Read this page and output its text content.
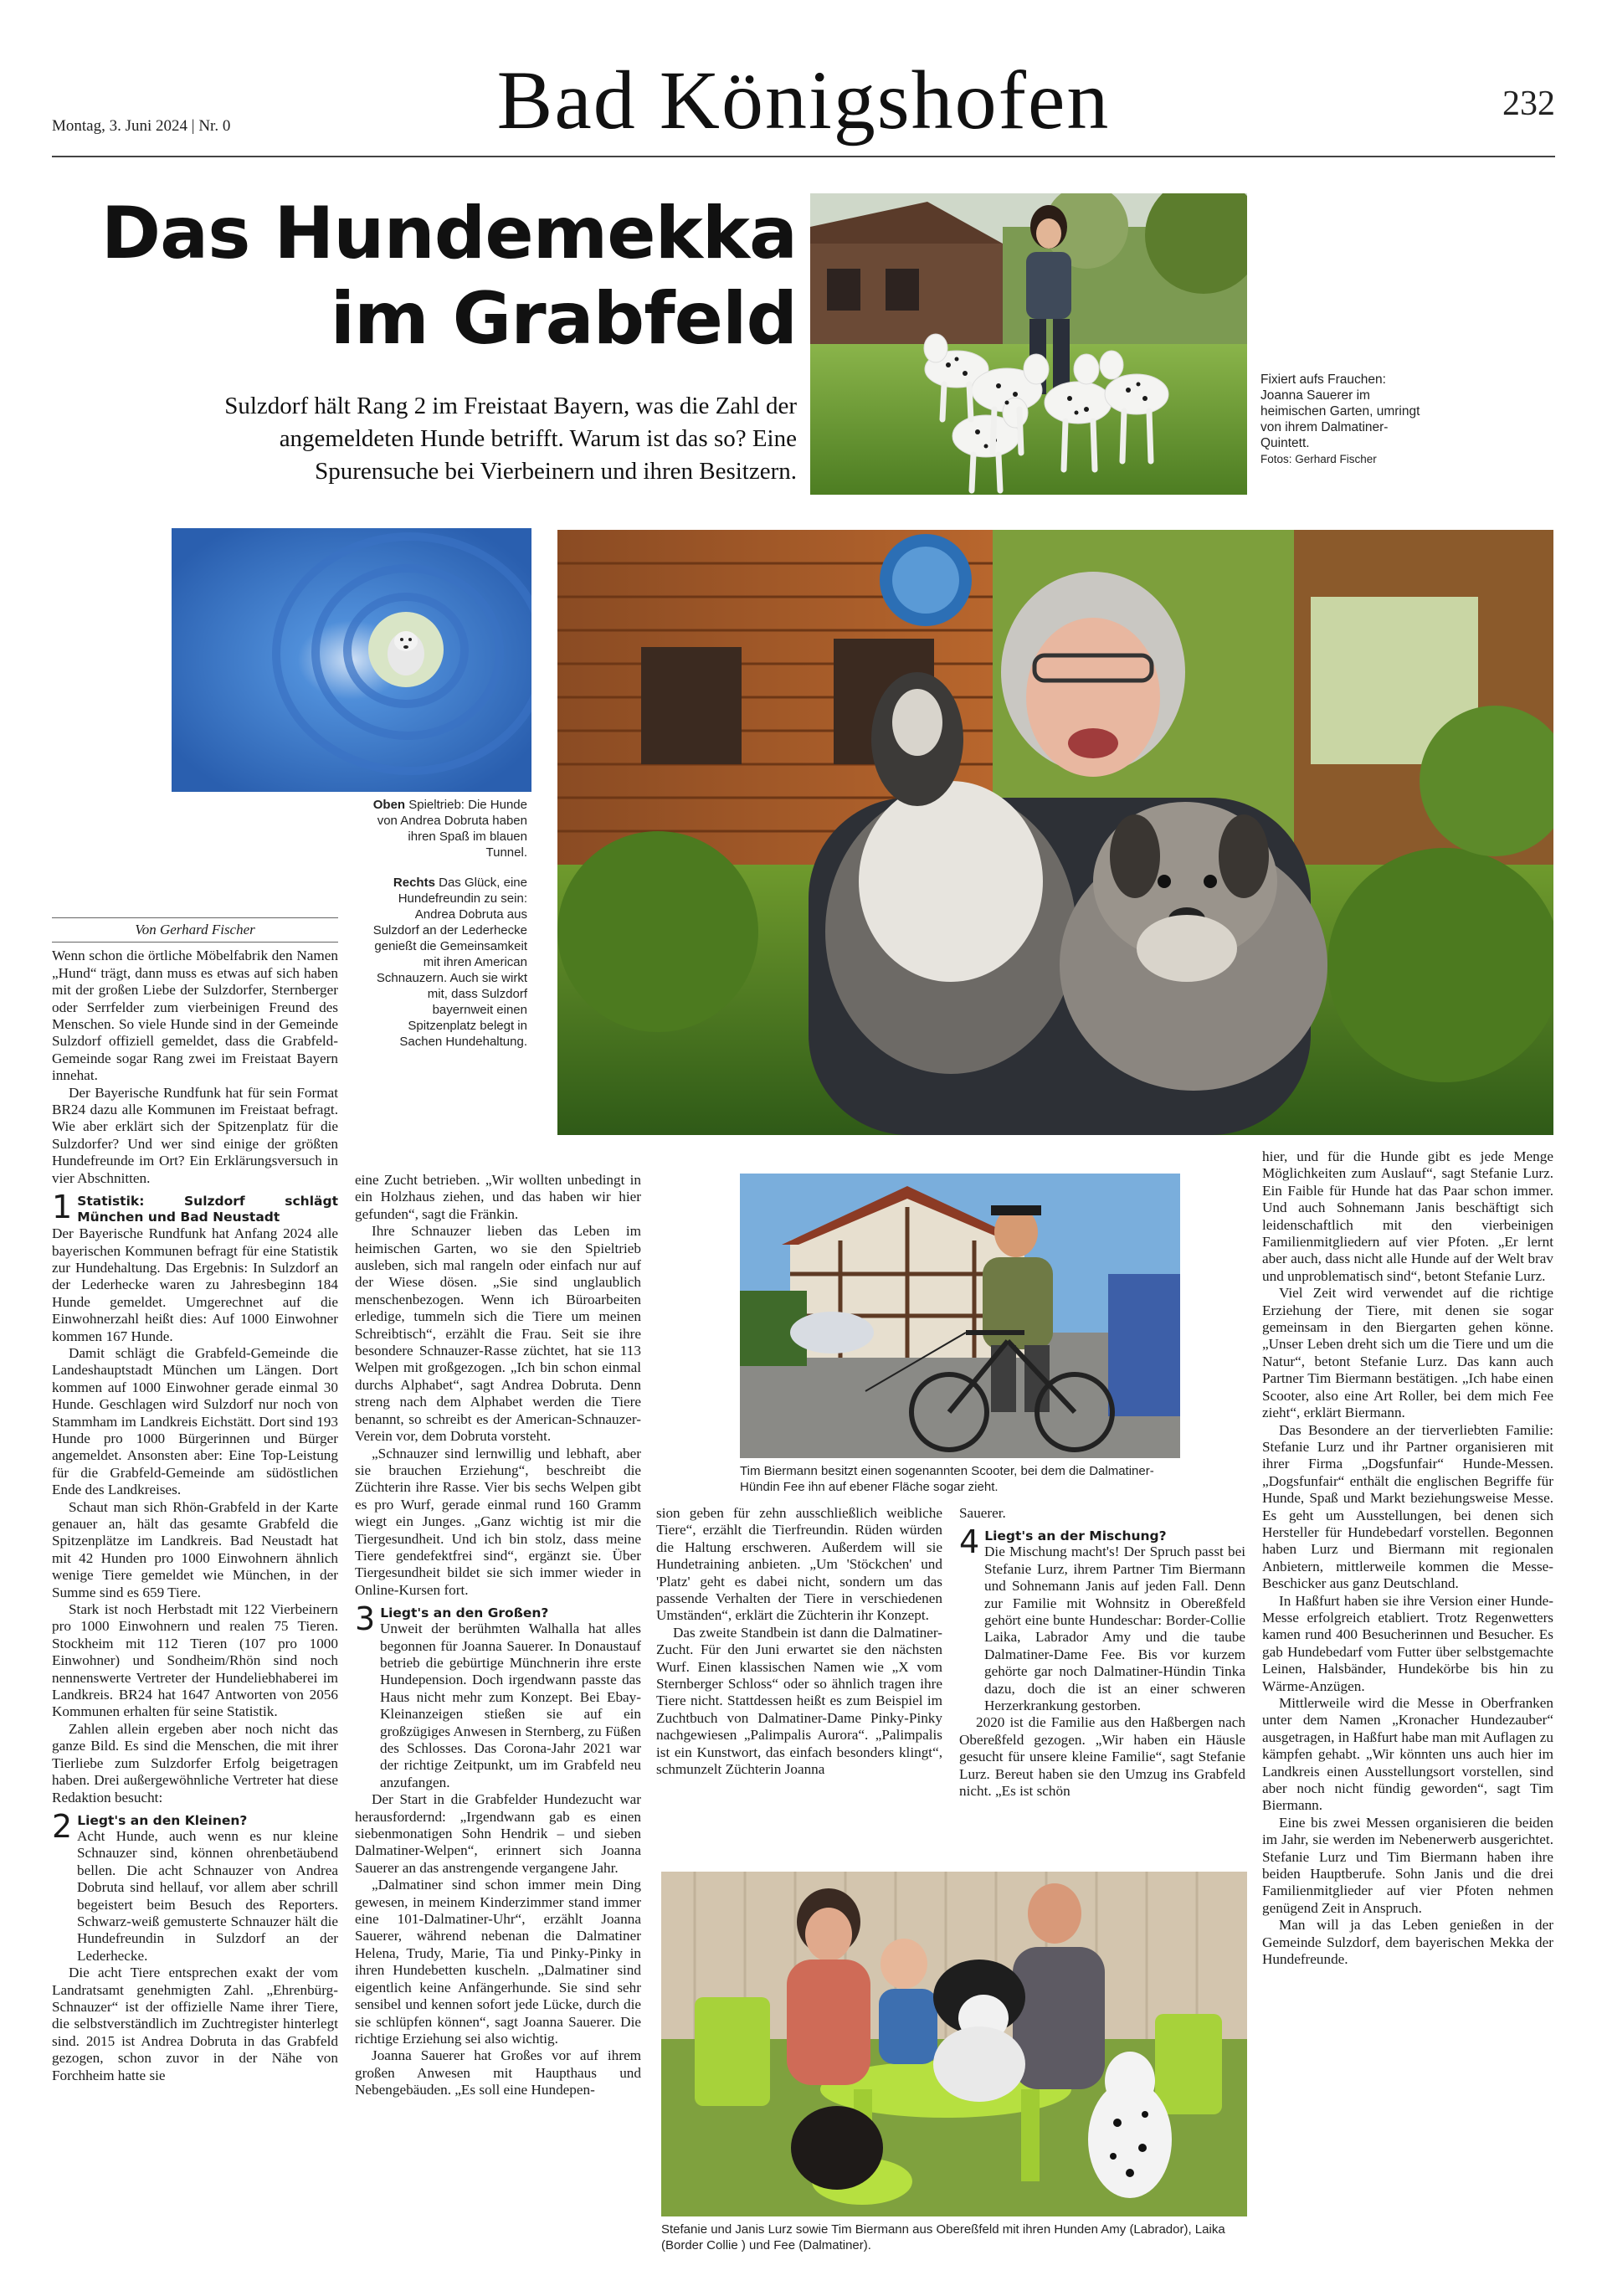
Montag, 3. Juni 2024 | Nr. 0	Bad Königshofen	232
Das Hundemekka
im Grabfeld
Sulzdorf hält Rang 2 im Freistaat Bayern, was die Zahl der angemeldeten Hunde betrifft. Warum ist das so? Eine Spurensuche bei Vierbeinern und ihren Besitzern.
Fixiert aufs Frauchen: Joanna Sauerer im heimischen Garten, umringt von ihrem Dalmatiner-Quintett.
Fotos: Gerhard Fischer
Oben Spieltrieb: Die Hunde von Andrea Dobruta haben ihren Spaß im blauen Tunnel.
Rechts Das Glück, eine Hundefreundin zu sein: Andrea Dobruta aus Sulzdorf an der Lederhecke genießt die Gemeinsamkeit mit ihren American Schnauzern. Auch sie wirkt mit, dass Sulzdorf bayernweit einen Spitzenplatz belegt in Sachen Hundehaltung.
Von Gerhard Fischer

Wenn schon die örtliche Möbelfabrik den Namen „Hund“ trägt, dann muss es etwas auf sich haben mit der großen Liebe der Sulzdorfer, Sternberger oder Serrfelder zum vierbeinigen Freund des Menschen. So viele Hunde sind in der Gemeinde Sulzdorf offiziell gemeldet, dass die Grabfeld-Gemeinde sogar Rang zwei im Freistaat Bayern innehat.

Der Bayerische Rundfunk hat für sein Format BR24 dazu alle Kommunen im Freistaat befragt. Wie aber erklärt sich der Spitzenplatz für die Sulzdorfer? Und wer sind einige der größten Hundefreunde im Ort? Ein Erklärungsversuch in vier Abschnitten.

1 Statistik: Sulzdorf schlägt München und Bad Neustadt

Der Bayerische Rundfunk hat Anfang 2024 alle bayerischen Kommunen befragt für eine Statistik zur Hundehaltung. Das Ergebnis: In Sulzdorf an der Lederhecke waren zu Jahresbeginn 184 Hunde gemeldet. Umgerechnet auf die Einwohnerzahl heißt dies: Auf 1000 Einwohner kommen 167 Hunde.

Damit schlägt die Grabfeld-Gemeinde die Landeshauptstadt München um Längen. Dort kommen auf 1000 Einwohner gerade einmal 30 Hunde. Geschlagen wird Sulzdorf nur noch von Stammham im Landkreis Eichstätt. Dort sind 193 Hunde pro 1000 Bürgerinnen und Bürger angemeldet. Ansonsten aber: Eine Top-Leistung für die Grabfeld-Gemeinde am südöstlichen Ende des Landkreises.

Schaut man sich Rhön-Grabfeld in der Karte genauer an, hält das gesamte Grabfeld die Spitzenplätze im Landkreis. Bad Neustadt hat mit 42 Hunden pro 1000 Einwohnern ähnlich wenige Tiere gemeldet wie München, in der Summe sind es 659 Tiere.

Stark ist noch Herbstadt mit 122 Vierbeinern pro 1000 Einwohnern und realen 75 Tieren. Stockheim mit 112 Tieren (107 pro 1000 Einwohner) und Sondheim/Rhön sind noch nennenswerte Vertreter der Hundeliebhaberei im Landkreis. BR24 hat 1647 Antworten von 2056 Kommunen erhalten für seine Statistik.

Zahlen allein ergeben aber noch nicht das ganze Bild. Es sind die Menschen, die mit ihrer Tierliebe zum Sulzdorfer Erfolg beigetragen haben. Drei außergewöhnliche Vertreter hat diese Redaktion besucht:

2 Liegt's an den Kleinen?

Acht Hunde, auch wenn es nur kleine Schnauzer sind, können ohrenbetäubend bellen. Die acht Schnauzer von Andrea Dobruta sind hellauf, vor allem aber schrill begeistert beim Besuch des Reporters. Schwarz-weiß gemusterte Schnauzer hält die Hundefreundin in Sulzdorf an der Lederhecke.

Die acht Tiere entsprechen exakt der vom Landratsamt genehmigten Zahl. „Ehrenbürg-Schnauzer“ ist der offizielle Name ihrer Tiere, die selbstverständlich im Zuchtregister hinterlegt sind. 2015 ist Andrea Dobruta in das Grabfeld gezogen, schon zuvor in der Nähe von Forchheim hatte sie

eine Zucht betrieben. „Wir wollten unbedingt in ein Holzhaus ziehen, und das haben wir hier gefunden“, sagt die Fränkin.

Ihre Schnauzer lieben das Leben im heimischen Garten, wo sie den Spieltrieb ausleben, sich mal rangeln oder einfach nur auf der Wiese dösen. „Sie sind unglaublich menschenbezogen. Wenn ich Büroarbeiten erledige, tummeln sich die Tiere um meinen Schreibtisch“, erzählt die Frau. Seit sie ihre besondere Schnauzer-Rasse züchtet, hat sie 113 Welpen mit großgezogen. „Ich bin schon einmal durchs Alphabet“, sagt Andrea Dobruta. Denn streng nach dem Alphabet werden die Tiere benannt, so schreibt es der American-Schnauzer-Verein vor, dem Dobruta vorsteht.

„Schnauzer sind lernwillig und lebhaft, aber sie brauchen Erziehung“, beschreibt die Züchterin ihre Rasse. Vier bis sechs Welpen gibt es pro Wurf, gerade einmal rund 160 Gramm wiegt ein Junges. „Ganz wichtig ist mir die Tiergesundheit. Und ich bin stolz, dass meine Tiere gendefektfrei sind“, ergänzt sie. Über Tiergesundheit bildet sie sich immer wieder in Online-Kursen fort.

3 Liegt's an den Großen?

Unweit der berühmten Walhalla hat alles begonnen für Joanna Sauerer. In Donaustauf betrieb die gebürtige Münchnerin ihre erste Hundepension. Doch irgendwann passte das Haus nicht mehr zum Konzept. Bei Ebay-Kleinanzeigen stießen sie auf ein großzügiges Anwesen in Sternberg, zu Füßen des Schlosses. Das Corona-Jahr 2021 war der richtige Zeitpunkt, um im Grabfeld neu anzufangen.

Der Start in die Grabfelder Hundezucht war herausfordernd: „Irgendwann gab es einen siebenmonatigen Sohn Hendrik – und sieben Dalmatiner-Welpen“, erinnert sich Joanna Sauerer an das anstrengende vergangene Jahr.

„Dalmatiner sind schon immer mein Ding gewesen, in meinem Kinderzimmer stand immer eine 101-Dalmatiner-Uhr“, erzählt Joanna Sauerer, während nebenan die Dalmatiner Helena, Trudy, Marie, Tia und Pinky-Pinky in ihren Hundebetten kuscheln. „Dalmatiner sind eigentlich keine Anfängerhunde. Sie sind sehr sensibel und kennen sofort jede Lücke, durch die sie schlüpfen können“, sagt Joanna Sauerer. Die richtige Erziehung sei also wichtig.

Joanna Sauerer hat Großes vor auf ihrem großen Anwesen mit Haupthaus und Nebengebäuden. „Es soll eine Hundepen-

Tim Biermann besitzt einen sogenannten Scooter, bei dem die Dalmatiner-Hündin Fee ihn auf ebener Fläche sogar zieht.

sion geben für zehn ausschließlich weibliche Tiere“, erzählt die Tierfreundin. Rüden würden die Haltung erschweren. Außerdem will sie Hundetraining anbieten. „Um 'Stöckchen' und 'Platz' geht es dabei nicht, sondern um das passende Verhalten der Tiere in verschiedenen Umständen“, erklärt die Züchterin ihr Konzept.

Das zweite Standbein ist dann die Dalmatiner-Zucht. Für den Juni erwartet sie den nächsten Wurf. Einen klassischen Namen wie „X vom Sternberger Schloss“ oder so ähnlich tragen ihre Tiere nicht. Stattdessen heißt es zum Beispiel im Zuchtbuch von Dalmatiner-Dame Pinky-Pinky nachgewiesen „Palimpalis Aurora“. „Palimpalis ist ein Kunstwort, das einfach besonders klingt“, schmunzelt Züchterin Joanna

Sauerer.

4 Liegt's an der Mischung?

Die Mischung macht's! Der Spruch passt bei Stefanie Lurz, ihrem Partner Tim Biermann und Sohnemann Janis auf jeden Fall. Denn zur Familie mit Wohnsitz in Obereßfeld gehört eine bunte Hundeschar: Border-Collie Laika, Labrador Amy und die taube Dalmatiner-Dame Fee. Bis vor kurzem gehörte gar noch Dalmatiner-Hündin Tinka dazu, doch die ist an einer schweren Herzerkrankung gestorben.

2020 ist die Familie aus den Haßbergen nach Obereßfeld gezogen. „Wir haben ein Häusle gesucht für unsere kleine Familie“, sagt Stefanie Lurz. Bereut haben sie den Umzug ins Grabfeld nicht. „Es ist schön

Stefanie und Janis Lurz sowie Tim Biermann aus Obereßfeld mit ihren Hunden Amy (Labrador), Laika (Border Collie ) und Fee (Dalmatiner).

hier, und für die Hunde gibt es jede Menge Möglichkeiten zum Auslauf“, sagt Stefanie Lurz. Ein Faible für Hunde hat das Paar schon immer. Und auch Sohnemann Janis beschäftigt sich leidenschaftlich mit den vierbeinigen Familienmitgliedern auf vier Pfoten. „Er lernt aber auch, dass nicht alle Hunde auf der Welt brav und unproblematisch sind“, betont Stefanie Lurz.

Viel Zeit wird verwendet auf die richtige Erziehung der Tiere, mit denen sie sogar gemeinsam in den Biergarten gehen könne. „Unser Leben dreht sich um die Tiere und um die Natur“, betont Stefanie Lurz. Das kann auch Partner Tim Biermann bestätigen. „Ich habe einen Scooter, also eine Art Roller, bei dem mich Fee zieht“, erklärt Biermann.

Das Besondere an der tierverliebten Familie: Stefanie Lurz und ihr Partner organisieren mit ihrer Firma „Dogsfunfair“ Hunde-Messen. „Dogsfunfair“ enthält die englischen Begriffe für Hunde, Spaß und Markt beziehungsweise Messe. Es geht um Ausstellungen, bei denen sich Hersteller für Hundebedarf vorstellen. Begonnen haben Lurz und Biermann mit regionalen Anbietern, mittlerweile kommen die Messe-Beschicker aus ganz Deutschland.

In Haßfurt haben sie ihre Version einer Hunde-Messe erfolgreich etabliert. Trotz Regenwetters kamen rund 400 Besucherinnen und Besucher. Es gab Hundebedarf vom Futter über selbstgemachte Leinen, Halsbänder, Hundekörbe bis hin zu Wärme-Anzügen.

Mittlerweile wird die Messe in Oberfranken unter dem Namen „Kronacher Hundezauber“ ausgetragen, in Haßfurt habe man mit Auflagen zu kämpfen gehabt. „Wir könnten uns auch hier im Landkreis einen Ausstellungsort vorstellen, sind aber noch nicht fündig geworden“, sagt Tim Biermann.

Eine bis zwei Messen organisieren die beiden im Jahr, sie werden im Nebenerwerb ausgerichtet. Stefanie Lurz und Tim Biermann haben ihre beiden Hauptberufe. Sohn Janis und die drei Familienmitglieder auf vier Pfoten nehmen genügend Zeit in Anspruch.

Man will ja das Leben genießen in der Gemeinde Sulzdorf, dem bayerischen Mekka der Hundefreunde.
